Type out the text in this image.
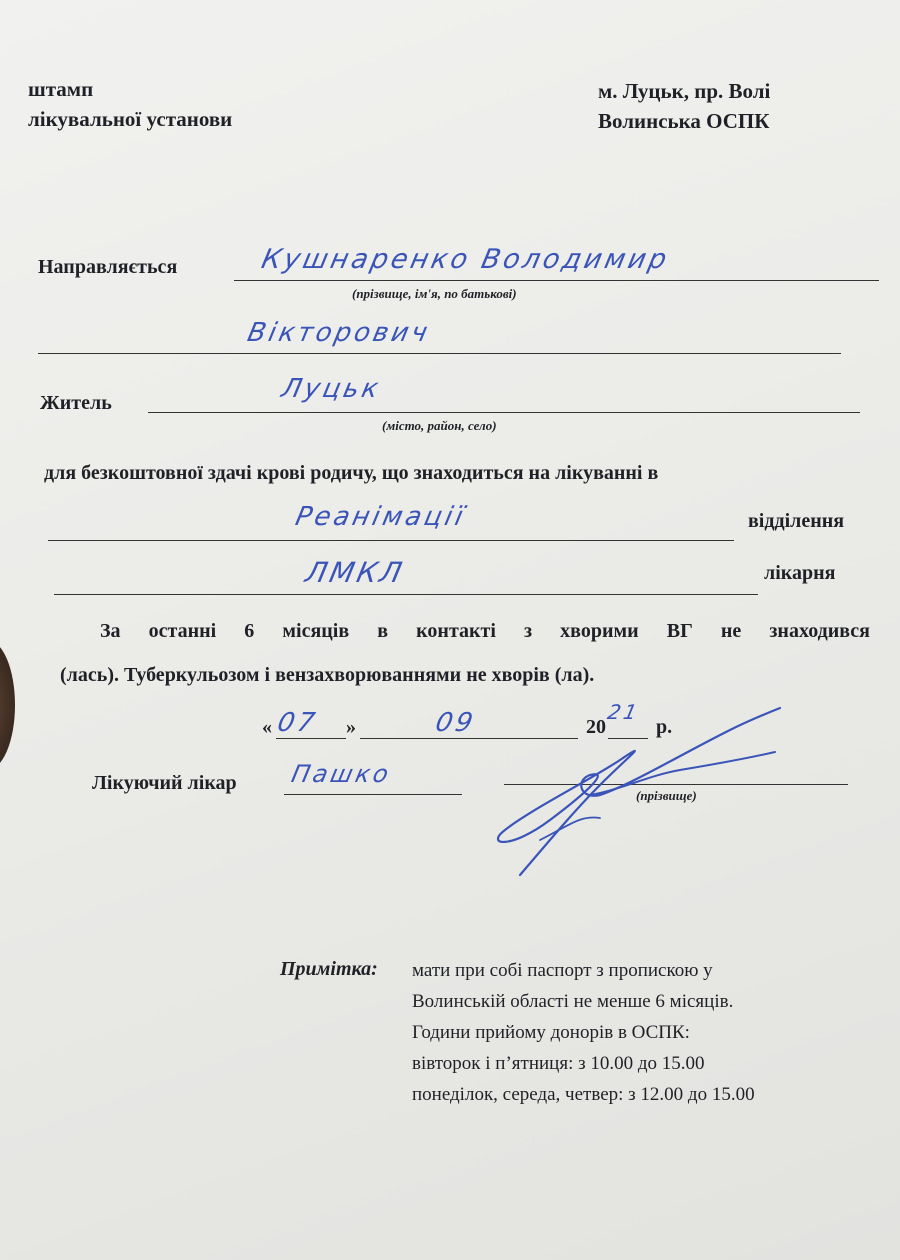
штамп
лікувальної установи
м. Луцьк, пр. Волі
Волинська ОСПК
Направляється	Кушнаренко Володимир
(прізвище, ім'я, по батькові)
Вікторович
Житель	Луцьк
(місто, район, село)
для безкоштовної здачі крові родичу, що знаходиться на лікуванні в
Реанімації	відділення
ЛМКЛ	лікарня
За останні 6 місяців в контакті з хворими ВГ не знаходився
(лась). Туберкульозом і вензахворюваннями не хворів (ла).
« 07 »	09	20
21
р.
Лікуючий лікар Пашко
(прізвище)
Примітка: мати при собі паспорт з пропискою у
Волинській області не менше 6 місяців.
Години прийому донорів в ОСПК:
вівторок і п’ятниця: з 10.00 до 15.00
понеділок, середа, четвер: з 12.00 до 15.00
